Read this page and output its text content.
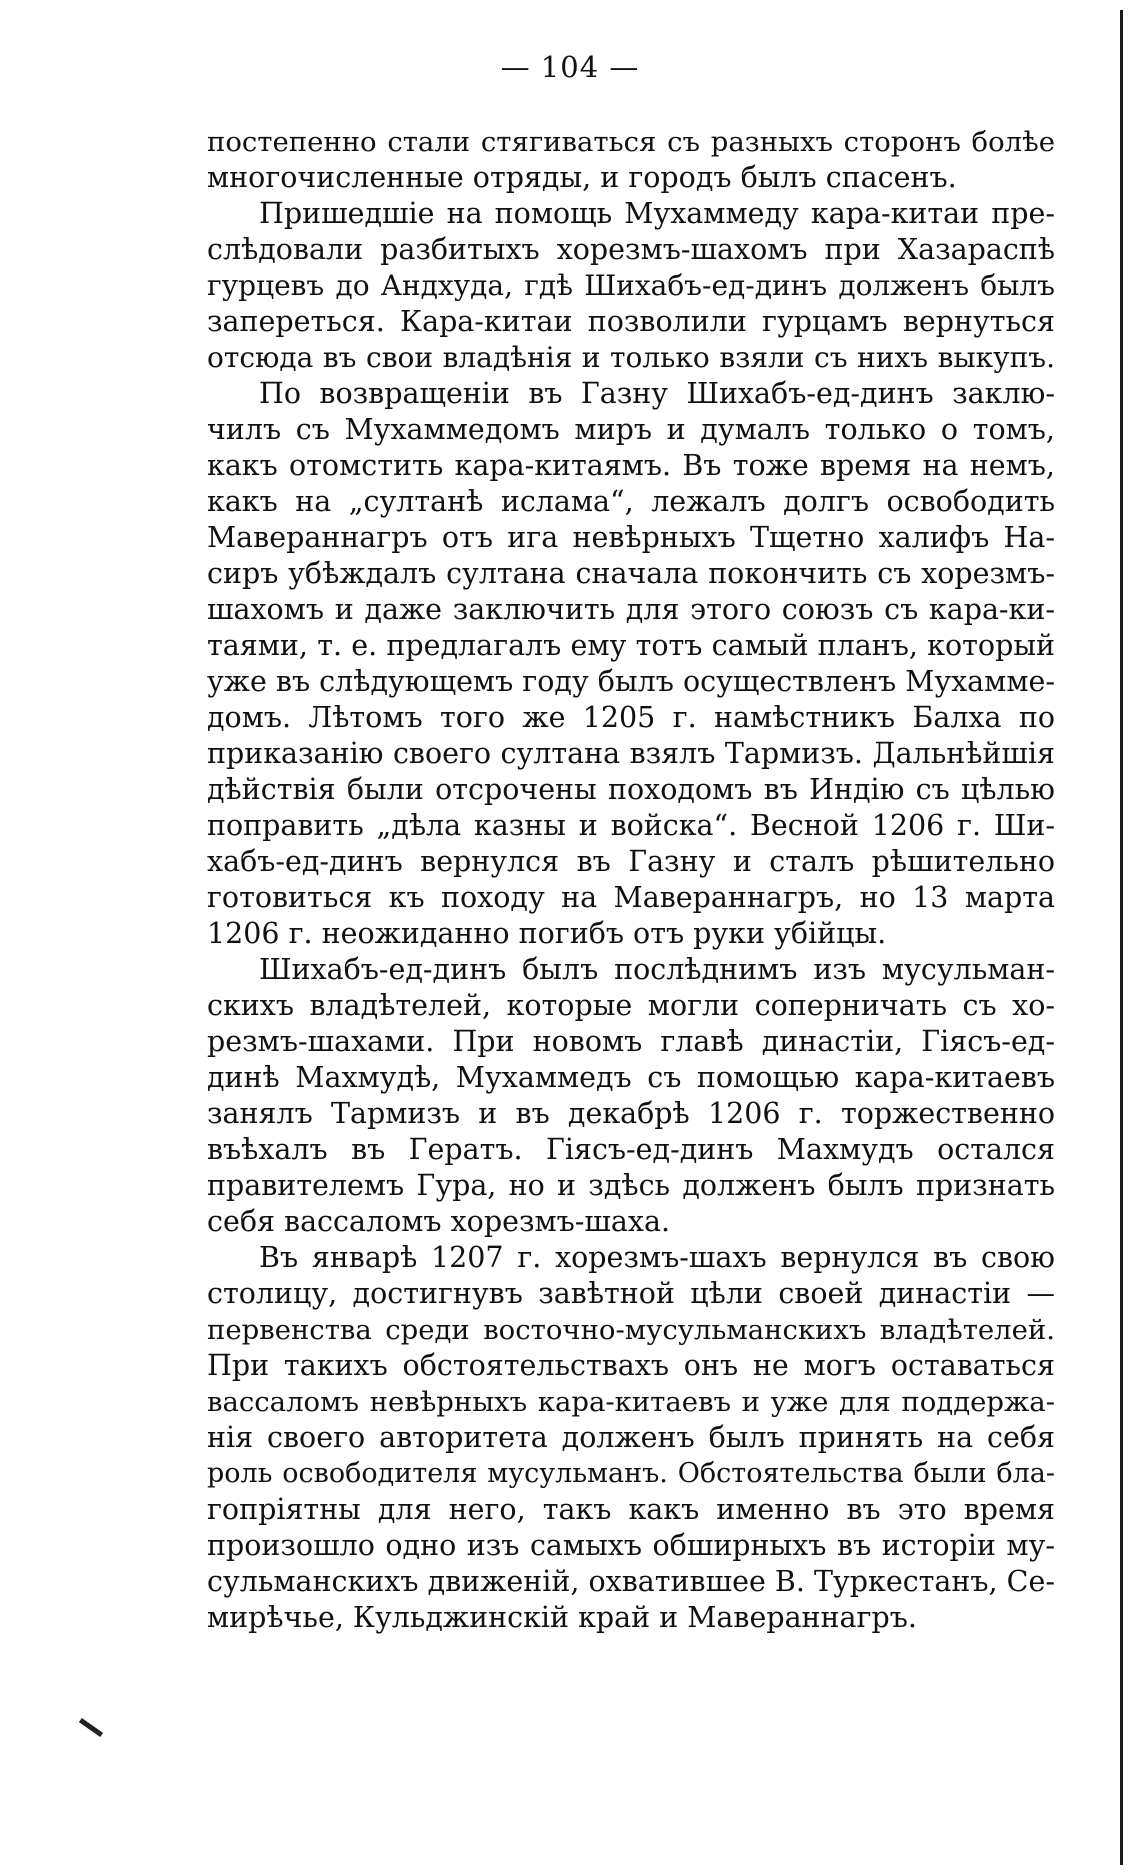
— 104 —
постепенно стали стягиваться съ разныхъ сторонъ болѣе
многочисленные отряды, и городъ былъ спасенъ.
Пришедшіе на помощь Мухаммеду кара-китаи пре-
слѣдовали разбитыхъ хорезмъ-шахомъ при Хазараспѣ
гурцевъ до Андхуда, гдѣ Шихабъ-ед-динъ долженъ былъ
запереться. Кара-китаи позволили гурцамъ вернуться
отсюда въ свои владѣнія и только взяли съ нихъ выкупъ.
По возвращеніи въ Газну Шихабъ-ед-динъ заклю-
чилъ съ Мухаммедомъ миръ и думалъ только о томъ,
какъ отомстить кара-китаямъ. Въ тоже время на немъ,
какъ на „султанѣ ислама“, лежалъ долгъ освободить
Мавераннагръ отъ ига невѣрныхъ Тщетно халифъ На-
сиръ убѣждалъ султана сначала покончить съ хорезмъ-
шахомъ и даже заключить для этого союзъ съ кара-ки-
таями, т. е. предлагалъ ему тотъ самый планъ, который
уже въ слѣдующемъ году былъ осуществленъ Мухамме-
домъ. Лѣтомъ того же 1205 г. намѣстникъ Балха по
приказанію своего султана взялъ Тармизъ. Дальнѣйшія
дѣйствія были отсрочены походомъ въ Индію съ цѣлью
поправить „дѣла казны и войска“. Весной 1206 г. Ши-
хабъ-ед-динъ вернулся въ Газну и сталъ рѣшительно
готовиться къ походу на Мавераннагръ, но 13 марта
1206 г. неожиданно погибъ отъ руки убійцы.
Шихабъ-ед-динъ былъ послѣднимъ изъ мусульман-
скихъ владѣтелей, которые могли соперничать съ хо-
резмъ-шахами. При новомъ главѣ династіи, Гіясъ-ед-
динѣ Махмудѣ, Мухаммедъ съ помощью кара-китаевъ
занялъ Тармизъ и въ декабрѣ 1206 г. торжественно
въѣхалъ въ Гератъ. Гіясъ-ед-динъ Махмудъ остался
правителемъ Гура, но и здѣсь долженъ былъ признать
себя вассаломъ хорезмъ-шаха.
Въ январѣ 1207 г. хорезмъ-шахъ вернулся въ свою
столицу, достигнувъ завѣтной цѣли своей династіи —
первенства среди восточно-мусульманскихъ владѣтелей.
При такихъ обстоятельствахъ онъ не могъ оставаться
вассаломъ невѣрныхъ кара-китаевъ и уже для поддержа-
нія своего авторитета долженъ былъ принять на себя
роль освободителя мусульманъ. Обстоятельства были бла-
гопріятны для него, такъ какъ именно въ это время
произошло одно изъ самыхъ обширныхъ въ исторіи му-
сульманскихъ движеній, охватившее В. Туркестанъ, Се-
мирѣчье, Кульджинскій край и Мавераннагръ.
